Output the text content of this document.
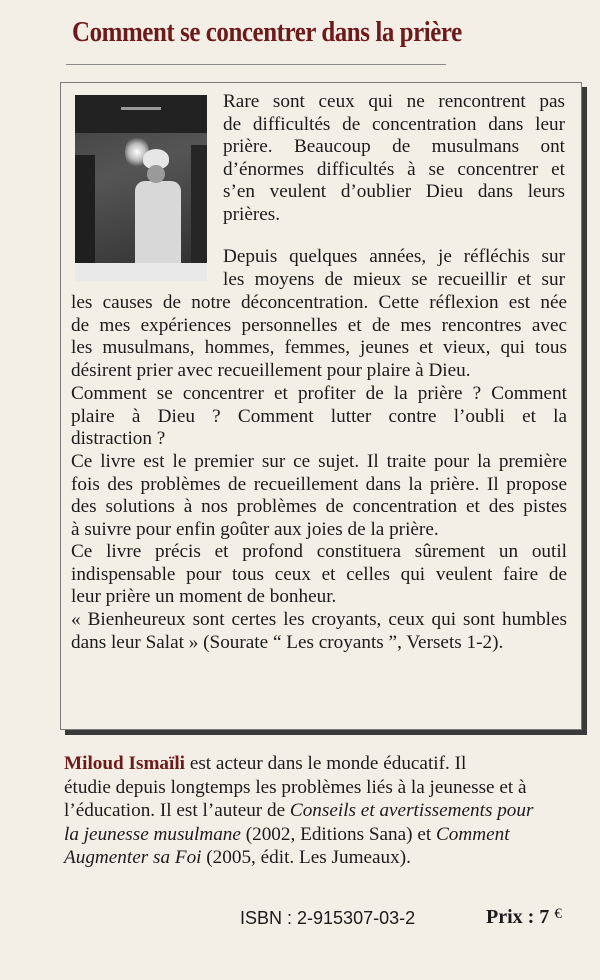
Comment se concentrer dans la prière
Rare sont ceux qui ne rencontrent pas
de difficultés de concentration dans leur
prière. Beaucoup de musulmans ont
d’énormes difficultés à se concentrer et
s’en veulent d’oublier Dieu dans leurs
prières.
Depuis quelques années, je réfléchis sur
les moyens de mieux se recueillir et sur
les causes de notre déconcentration. Cette réflexion est née
de mes expériences personnelles et de mes rencontres avec
les musulmans, hommes, femmes, jeunes et vieux, qui tous
désirent prier avec recueillement pour plaire à Dieu.
Comment se concentrer et profiter de la prière ? Comment
plaire à Dieu ? Comment lutter contre l’oubli et la
distraction ?
Ce livre est le premier sur ce sujet. Il traite pour la première
fois des problèmes de recueillement dans la prière. Il propose
des solutions à nos problèmes de concentration et des pistes
à suivre pour enfin goûter aux joies de la prière.
Ce livre précis et profond constituera sûrement un outil
indispensable pour tous ceux et celles qui veulent faire de
leur prière un moment de bonheur.
« Bienheureux sont certes les croyants, ceux qui sont humbles
dans leur Salat » (Sourate “ Les croyants ”, Versets 1-2).
Miloud Ismaïli est acteur dans le monde éducatif. Il
étudie depuis longtemps les problèmes liés à la jeunesse et à
l’éducation. Il est l’auteur de Conseils et avertissements pour
la jeunesse musulmane (2002, Editions Sana) et Comment
Augmenter sa Foi (2005, édit. Les Jumeaux).
ISBN : 2-915307-03-2	Prix : 7 €
